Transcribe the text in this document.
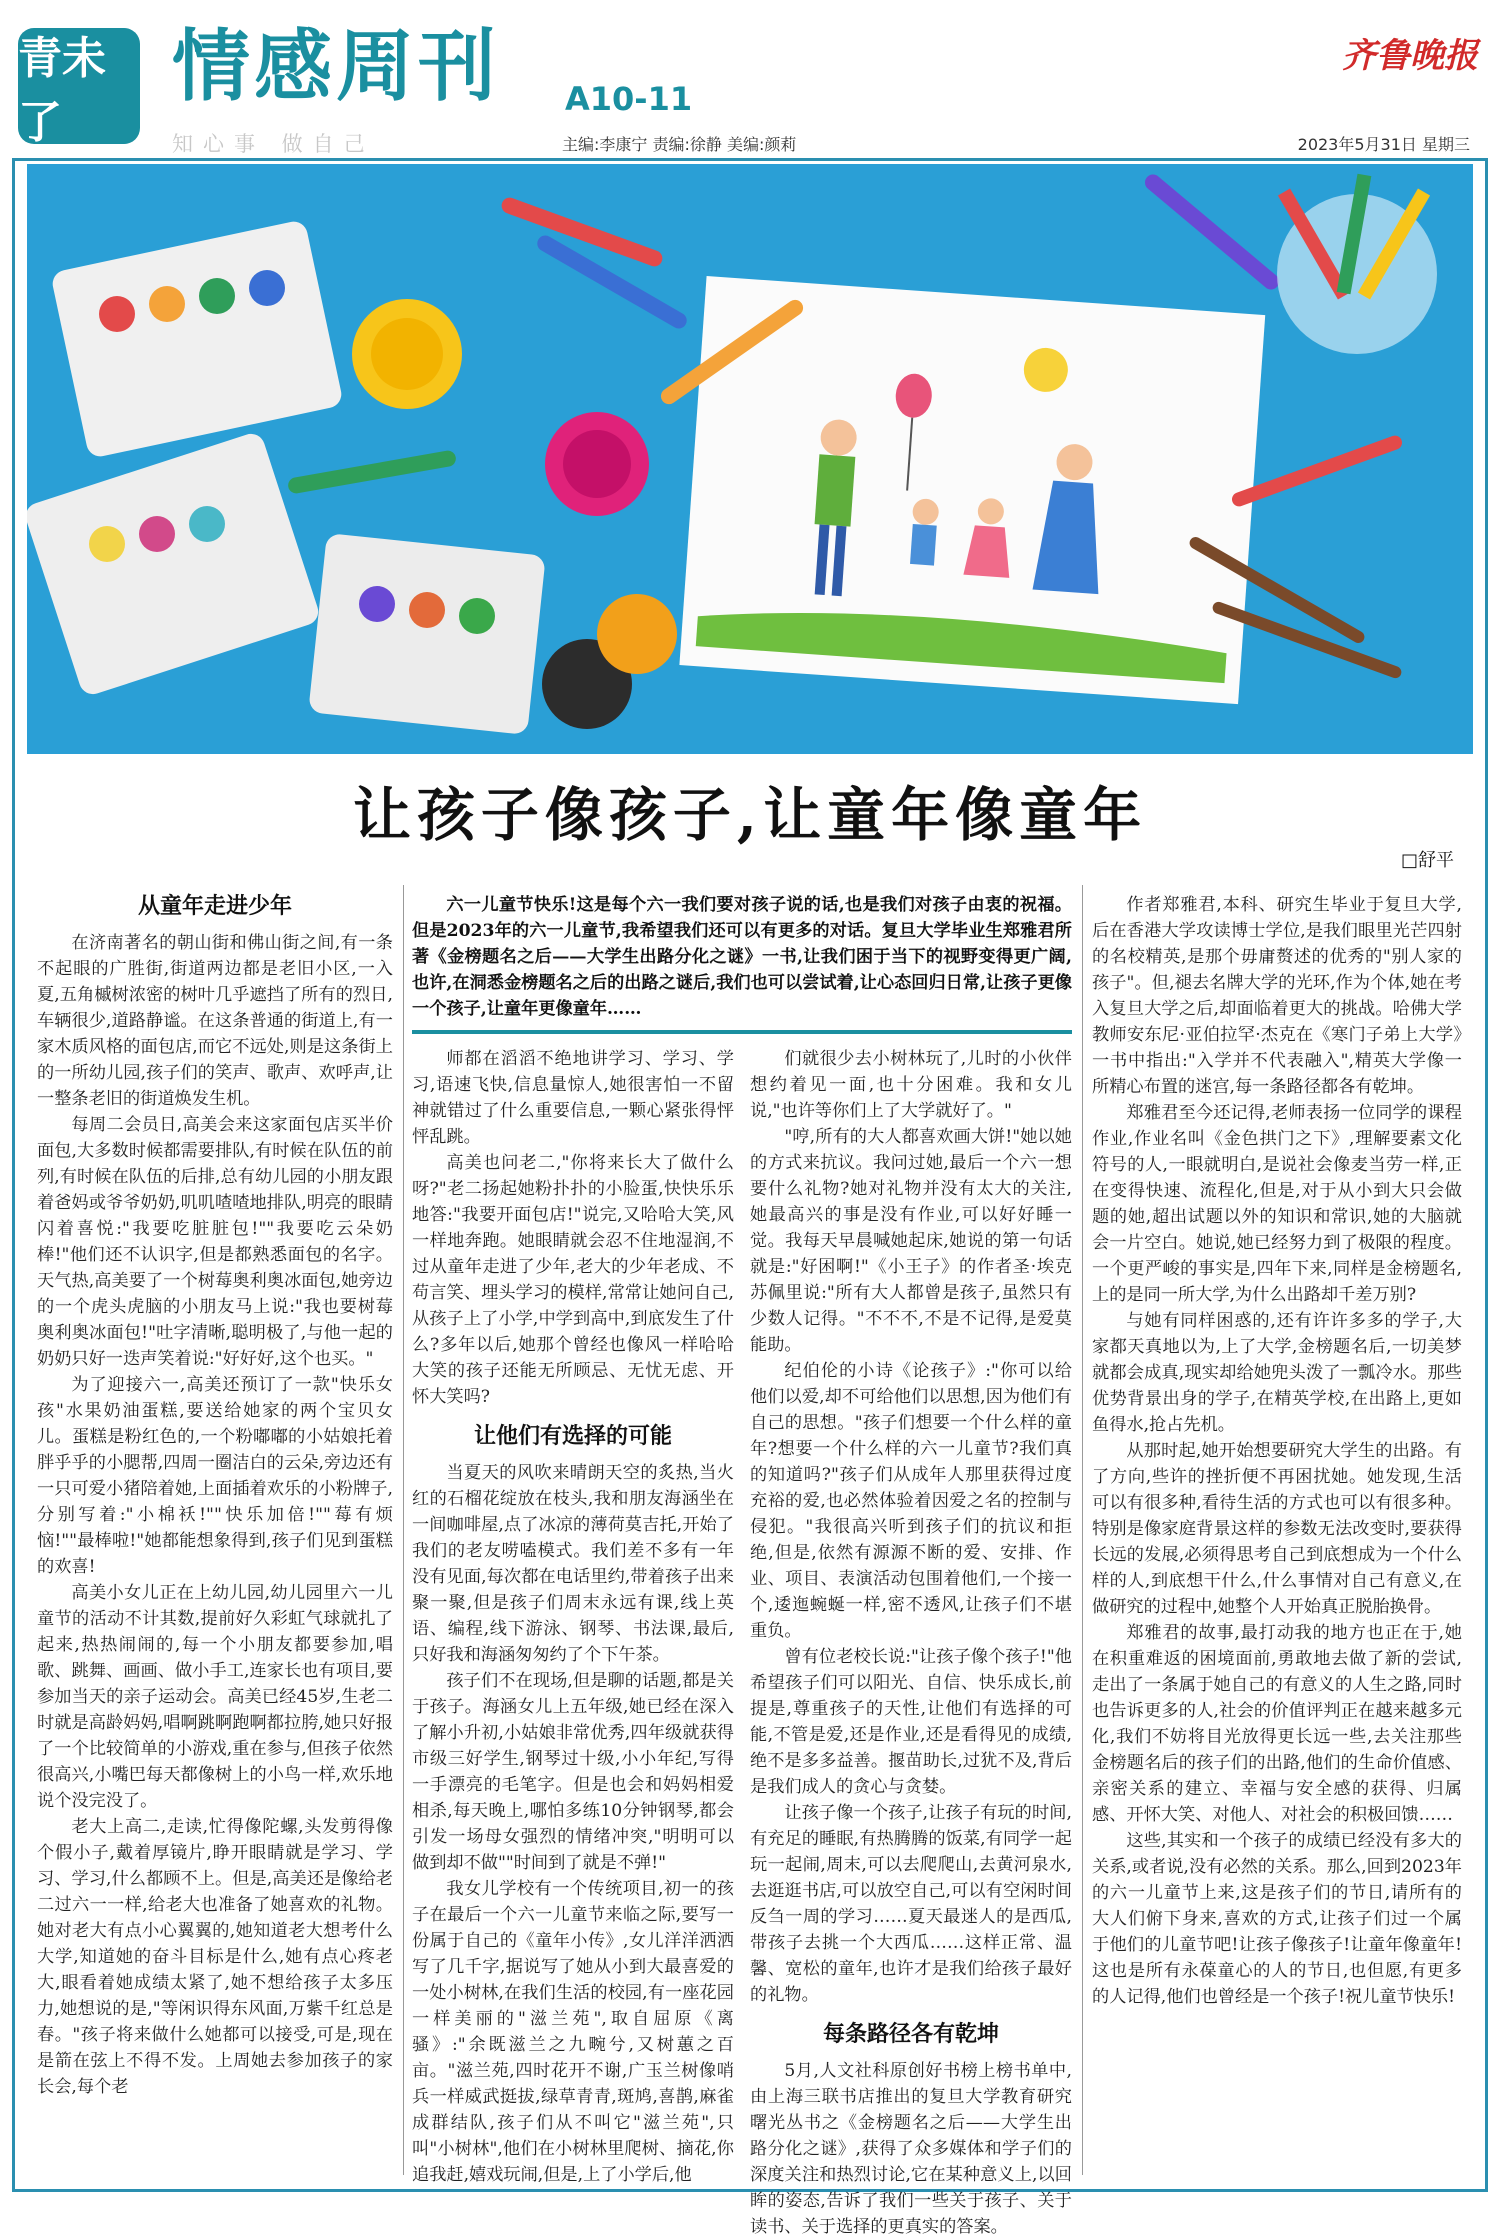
青未了
情感周刊 A10-11
齐鲁晚报
知心事 做自己	主编:李康宁 责编:徐静 美编:颜莉	2023年5月31日 星期三
让孩子像孩子,让童年像童年
□舒平
从童年走进少年

在济南著名的朝山街和佛山街之间,有一条不起眼的广胜街,街道两边都是老旧小区,一入夏,五角槭树浓密的树叶几乎遮挡了所有的烈日,车辆很少,道路静谧。在这条普通的街道上,有一家木质风格的面包店,而它不远处,则是这条街上的一所幼儿园,孩子们的笑声、歌声、欢呼声,让一整条老旧的街道焕发生机。

每周二会员日,高美会来这家面包店买半价面包,大多数时候都需要排队,有时候在队伍的前列,有时候在队伍的后排,总有幼儿园的小朋友跟着爸妈或爷爷奶奶,叽叽喳喳地排队,明亮的眼睛闪着喜悦:"我要吃脏脏包!""我要吃云朵奶棒!"他们还不认识字,但是都熟悉面包的名字。天气热,高美要了一个树莓奥利奥冰面包,她旁边的一个虎头虎脑的小朋友马上说:"我也要树莓奥利奥冰面包!"吐字清晰,聪明极了,与他一起的奶奶只好一迭声笑着说:"好好好,这个也买。"

为了迎接六一,高美还预订了一款"快乐女孩"水果奶油蛋糕,要送给她家的两个宝贝女儿。蛋糕是粉红色的,一个粉嘟嘟的小姑娘托着胖乎乎的小腮帮,四周一圈洁白的云朵,旁边还有一只可爱小猪陪着她,上面插着欢乐的小粉牌子,分别写着:"小棉袄!""快乐加倍!""莓有烦恼!""最棒啦!"她都能想象得到,孩子们见到蛋糕的欢喜!

高美小女儿正在上幼儿园,幼儿园里六一儿童节的活动不计其数,提前好久彩虹气球就扎了起来,热热闹闹的,每一个小朋友都要参加,唱歌、跳舞、画画、做小手工,连家长也有项目,要参加当天的亲子运动会。高美已经45岁,生老二时就是高龄妈妈,唱啊跳啊跑啊都拉胯,她只好报了一个比较简单的小游戏,重在参与,但孩子依然很高兴,小嘴巴每天都像树上的小鸟一样,欢乐地说个没完没了。

老大上高二,走读,忙得像陀螺,头发剪得像个假小子,戴着厚镜片,睁开眼睛就是学习、学习、学习,什么都顾不上。但是,高美还是像给老二过六一一样,给老大也准备了她喜欢的礼物。她对老大有点小心翼翼的,她知道老大想考什么大学,知道她的奋斗目标是什么,她有点心疼老大,眼看着她成绩太紧了,她不想给孩子太多压力,她想说的是,"等闲识得东风面,万紫千红总是春。"孩子将来做什么她都可以接受,可是,现在是箭在弦上不得不发。上周她去参加孩子的家长会,每个老

六一儿童节快乐!这是每个六一我们要对孩子说的话,也是我们对孩子由衷的祝福。但是2023年的六一儿童节,我希望我们还可以有更多的对话。复旦大学毕业生郑雅君所著《金榜题名之后——大学生出路分化之谜》一书,让我们困于当下的视野变得更广阔,也许,在洞悉金榜题名之后的出路之谜后,我们也可以尝试着,让心态回归日常,让孩子更像一个孩子,让童年更像童年……

师都在滔滔不绝地讲学习、学习、学习,语速飞快,信息量惊人,她很害怕一不留神就错过了什么重要信息,一颗心紧张得怦怦乱跳。

高美也问老二,"你将来长大了做什么呀?"老二扬起她粉扑扑的小脸蛋,快快乐乐地答:"我要开面包店!"说完,又哈哈大笑,风一样地奔跑。她眼睛就会忍不住地湿润,不过从童年走进了少年,老大的少年老成、不苟言笑、埋头学习的模样,常常让她问自己,从孩子上了小学,中学到高中,到底发生了什么?多年以后,她那个曾经也像风一样哈哈大笑的孩子还能无所顾忌、无忧无虑、开怀大笑吗?

让他们有选择的可能

当夏天的风吹来晴朗天空的炙热,当火红的石榴花绽放在枝头,我和朋友海涵坐在一间咖啡屋,点了冰凉的薄荷莫吉托,开始了我们的老友唠嗑模式。我们差不多有一年没有见面,每次都在电话里约,带着孩子出来聚一聚,但是孩子们周末永远有课,线上英语、编程,线下游泳、钢琴、书法课,最后,只好我和海涵匆匆约了个下午茶。

孩子们不在现场,但是聊的话题,都是关于孩子。海涵女儿上五年级,她已经在深入了解小升初,小姑娘非常优秀,四年级就获得市级三好学生,钢琴过十级,小小年纪,写得一手漂亮的毛笔字。但是也会和妈妈相爱相杀,每天晚上,哪怕多练10分钟钢琴,都会引发一场母女强烈的情绪冲突,"明明可以做到却不做""时间到了就是不弹!"

我女儿学校有一个传统项目,初一的孩子在最后一个六一儿童节来临之际,要写一份属于自己的《童年小传》,女儿洋洋洒洒写了几千字,据说写了她从小到大最喜爱的一处小树林,在我们生活的校园,有一座花园一样美丽的"滋兰苑",取自屈原《离骚》:"余既滋兰之九畹兮,又树蕙之百亩。"滋兰苑,四时花开不谢,广玉兰树像哨兵一样威武挺拔,绿草青青,斑鸠,喜鹊,麻雀成群结队,孩子们从不叫它"滋兰苑",只叫"小树林",他们在小树林里爬树、摘花,你追我赶,嬉戏玩闹,但是,上了小学后,他

们就很少去小树林玩了,儿时的小伙伴想约着见一面,也十分困难。我和女儿说,"也许等你们上了大学就好了。"

"哼,所有的大人都喜欢画大饼!"她以她的方式来抗议。我问过她,最后一个六一想要什么礼物?她对礼物并没有太大的关注,她最高兴的事是没有作业,可以好好睡一觉。我每天早晨喊她起床,她说的第一句话就是:"好困啊!"《小王子》的作者圣·埃克苏佩里说:"所有大人都曾是孩子,虽然只有少数人记得。"不不不,不是不记得,是爱莫能助。

纪伯伦的小诗《论孩子》:"你可以给他们以爱,却不可给他们以思想,因为他们有自己的思想。"孩子们想要一个什么样的童年?想要一个什么样的六一儿童节?我们真的知道吗?"孩子们从成年人那里获得过度充裕的爱,也必然体验着因爱之名的控制与侵犯。"我很高兴听到孩子们的抗议和拒绝,但是,依然有源源不断的爱、安排、作业、项目、表演活动包围着他们,一个接一个,逶迤蜿蜒一样,密不透风,让孩子们不堪重负。

曾有位老校长说:"让孩子像个孩子!"他希望孩子们可以阳光、自信、快乐成长,前提是,尊重孩子的天性,让他们有选择的可能,不管是爱,还是作业,还是看得见的成绩,绝不是多多益善。揠苗助长,过犹不及,背后是我们成人的贪心与贪婪。

让孩子像一个孩子,让孩子有玩的时间,有充足的睡眠,有热腾腾的饭菜,有同学一起玩一起闹,周末,可以去爬爬山,去黄河泉水,去逛逛书店,可以放空自己,可以有空闲时间反刍一周的学习……夏天最迷人的是西瓜,带孩子去挑一个大西瓜……这样正常、温馨、宽松的童年,也许才是我们给孩子最好的礼物。

每条路径各有乾坤

5月,人文社科原创好书榜上榜书单中,由上海三联书店推出的复旦大学教育研究曙光丛书之《金榜题名之后——大学生出路分化之谜》,获得了众多媒体和学子们的深度关注和热烈讨论,它在某种意义上,以回眸的姿态,告诉了我们一些关于孩子、关于读书、关于选择的更真实的答案。

作者郑雅君,本科、研究生毕业于复旦大学,后在香港大学攻读博士学位,是我们眼里光芒四射的名校精英,是那个毋庸赘述的优秀的"别人家的孩子"。但,褪去名牌大学的光环,作为个体,她在考入复旦大学之后,却面临着更大的挑战。哈佛大学教师安东尼·亚伯拉罕·杰克在《寒门子弟上大学》一书中指出:"入学并不代表融入",精英大学像一所精心布置的迷宫,每一条路径都各有乾坤。

郑雅君至今还记得,老师表扬一位同学的课程作业,作业名叫《金色拱门之下》,理解要素文化符号的人,一眼就明白,是说社会像麦当劳一样,正在变得快速、流程化,但是,对于从小到大只会做题的她,超出试题以外的知识和常识,她的大脑就会一片空白。她说,她已经努力到了极限的程度。一个更严峻的事实是,四年下来,同样是金榜题名,上的是同一所大学,为什么出路却千差万别?

与她有同样困惑的,还有许许多多的学子,大家都天真地以为,上了大学,金榜题名后,一切美梦就都会成真,现实却给她兜头泼了一瓢冷水。那些优势背景出身的学子,在精英学校,在出路上,更如鱼得水,抢占先机。

从那时起,她开始想要研究大学生的出路。有了方向,些许的挫折便不再困扰她。她发现,生活可以有很多种,看待生活的方式也可以有很多种。特别是像家庭背景这样的参数无法改变时,要获得长远的发展,必须得思考自己到底想成为一个什么样的人,到底想干什么,什么事情对自己有意义,在做研究的过程中,她整个人开始真正脱胎换骨。

郑雅君的故事,最打动我的地方也正在于,她在积重难返的困境面前,勇敢地去做了新的尝试,走出了一条属于她自己的有意义的人生之路,同时也告诉更多的人,社会的价值评判正在越来越多元化,我们不妨将目光放得更长远一些,去关注那些金榜题名后的孩子们的出路,他们的生命价值感、亲密关系的建立、幸福与安全感的获得、归属感、开怀大笑、对他人、对社会的积极回馈……

这些,其实和一个孩子的成绩已经没有多大的关系,或者说,没有必然的关系。那么,回到2023年的六一儿童节上来,这是孩子们的节日,请所有的大人们俯下身来,喜欢的方式,让孩子们过一个属于他们的儿童节吧!让孩子像孩子!让童年像童年!这也是所有永葆童心的人的节日,也但愿,有更多的人记得,他们也曾经是一个孩子!祝儿童节快乐!
